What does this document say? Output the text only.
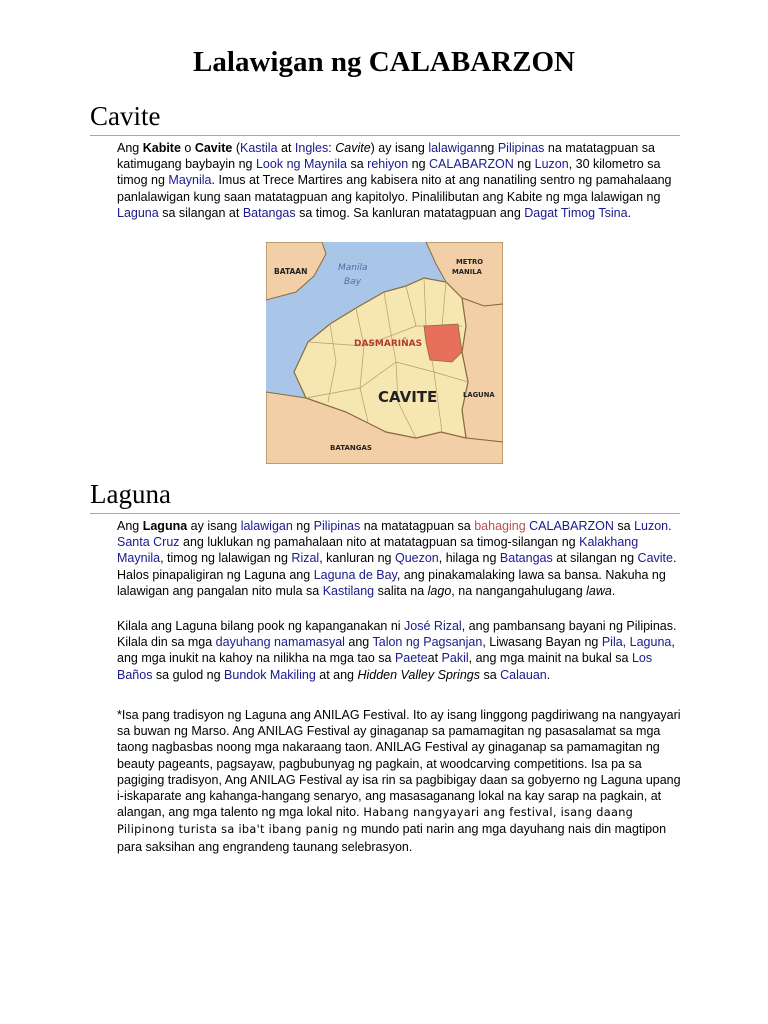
Lalawigan ng CALABARZON
Cavite

Ang Kabite o Cavite (Kastila at Ingles: Cavite) ay isang lalawiganng Pilipinas na matatagpuan sa katimugang baybayin ng Look ng Maynila sa rehiyon ng CALABARZON ng Luzon, 30 kilometro sa timog ng Maynila. Imus at Trece Martires ang kabisera nito at ang nanatiling sentro ng pamahalaang panlalawigan kung saan matatagpuan ang kapitolyo. Pinalilibutan ang Kabite ng mga lalawigan ng Laguna sa silangan at Batangas sa timog. Sa kanluran matatagpuan ang Dagat Timog Tsina.

BATAAN	Manila
Bay
METRO
MANILA
DASMARIÑAS
CAVITE	LAGUNA
BATANGAS
Laguna

Ang Laguna ay isang lalawigan ng Pilipinas na matatagpuan sa bahaging CALABARZON sa Luzon. Santa Cruz ang luklukan ng pamahalaan nito at matatagpuan sa timog-silangan ng Kalakhang Maynila, timog ng lalawigan ng Rizal, kanluran ng Quezon, hilaga ng Batangas at silangan ng Cavite. Halos pinapaligiran ng Laguna ang Laguna de Bay, ang pinakamalaking lawa sa bansa. Nakuha ng lalawigan ang pangalan nito mula sa Kastilang salita na lago, na nangangahulugang lawa.

Kilala ang Laguna bilang pook ng kapanganakan ni José Rizal, ang pambansang bayani ng Pilipinas. Kilala din sa mga dayuhang namamasyal ang Talon ng Pagsanjan, Liwasang Bayan ng Pila, Laguna, ang mga inukit na kahoy na nilikha na mga tao sa Paeteat Pakil, ang mga mainit na bukal sa Los Baños sa gulod ng Bundok Makiling at ang Hidden Valley Springs sa Calauan.

*Isa pang tradisyon ng Laguna ang ANILAG Festival. Ito ay isang linggong pagdiriwang na nangyayari sa buwan ng Marso. Ang ANILAG Festival ay ginaganap sa pamamagitan ng pasasalamat sa mga taong nagbasbas noong mga nakaraang taon. ANILAG Festival ay ginaganap sa pamamagitan ng beauty pageants, pagsayaw, pagbubunyag ng pagkain, at woodcarving competitions. Isa pa sa pagiging tradisyon, Ang ANILAG Festival ay isa rin sa pagbibigay daan sa gobyerno ng Laguna upang i-iskaparate ang kahanga-hangang senaryo, ang masasaganang lokal na kay sarap na pagkain, at alangan, ang mga talento ng mga lokal nito. Habang nangyayari ang festival, isang daang Pilipinong turista sa iba't ibang panig ng mundo pati narin ang mga dayuhang nais din magtipon para saksihan ang engrandeng taunang selebrasyon.
